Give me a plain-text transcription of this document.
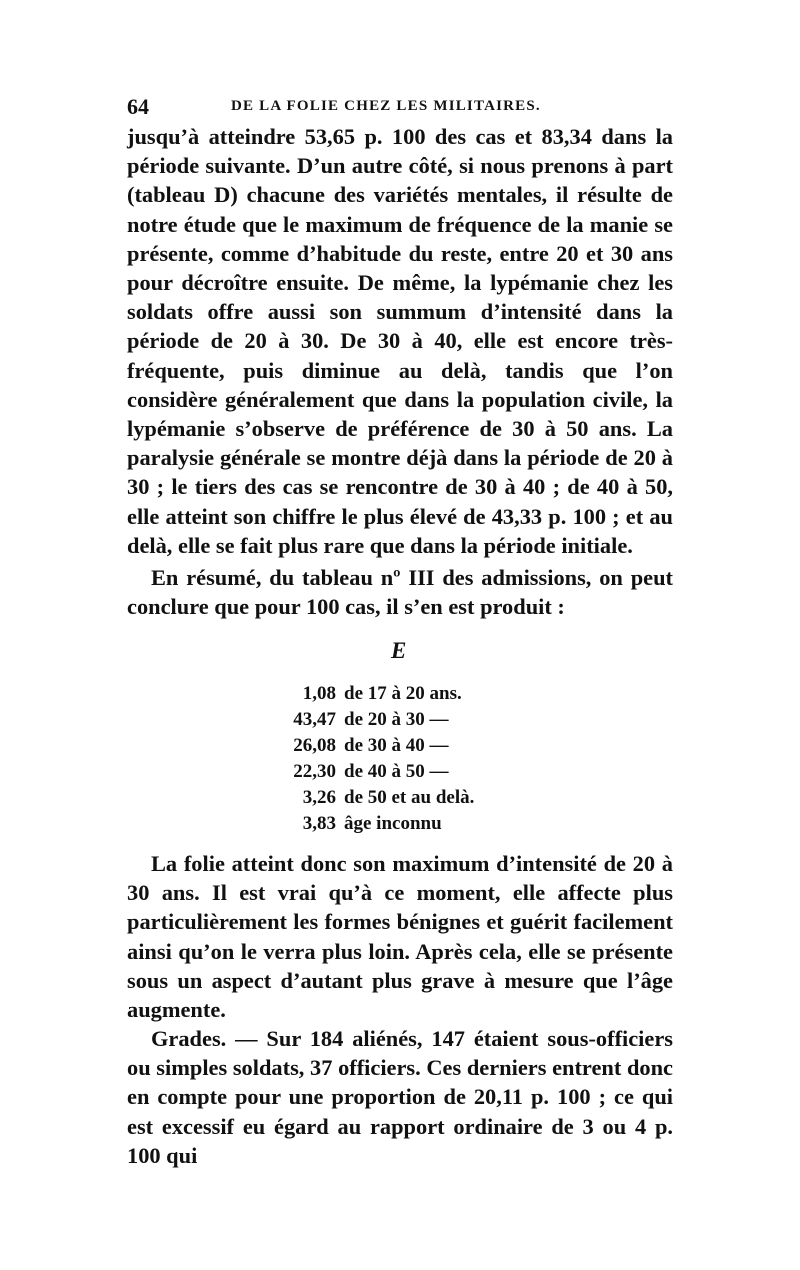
64	DE LA FOLIE CHEZ LES MILITAIRES.

jusqu’à atteindre 53,65 p. 100 des cas et 83,34 dans la période suivante. D’un autre côté, si nous prenons à part (tableau D) chacune des variétés mentales, il résulte de notre étude que le maximum de fréquence de la manie se présente, comme d’habitude du reste, entre 20 et 30 ans pour décroître ensuite. De même, la lypémanie chez les soldats offre aussi son summum d’intensité dans la période de 20 à 30. De 30 à 40, elle est encore très-fréquente, puis diminue au delà, tandis que l’on considère généralement que dans la population civile, la lypémanie s’observe de préférence de 30 à 50 ans. La paralysie générale se montre déjà dans la période de 20 à 30 ; le tiers des cas se rencontre de 30 à 40 ; de 40 à 50, elle atteint son chiffre le plus élevé de 43,33 p. 100 ; et au delà, elle se fait plus rare que dans la période initiale.

En résumé, du tableau nº III des admissions, on peut conclure que pour 100 cas, il s’en est produit :

E
1,08 de 17 à 20 ans.
43,47 de 20 à 30 —
26,08 de 30 à 40 —
22,30 de 40 à 50 —
3,26 de 50 et au delà.
3,83 âge inconnu

La folie atteint donc son maximum d’intensité de 20 à 30 ans. Il est vrai qu’à ce moment, elle affecte plus particulièrement les formes bénignes et guérit facilement ainsi qu’on le verra plus loin. Après cela, elle se présente sous un aspect d’autant plus grave à mesure que l’âge augmente.

Grades. — Sur 184 aliénés, 147 étaient sous-officiers ou simples soldats, 37 officiers. Ces derniers entrent donc en compte pour une proportion de 20,11 p. 100 ; ce qui est excessif eu égard au rapport ordinaire de 3 ou 4 p. 100 qui
